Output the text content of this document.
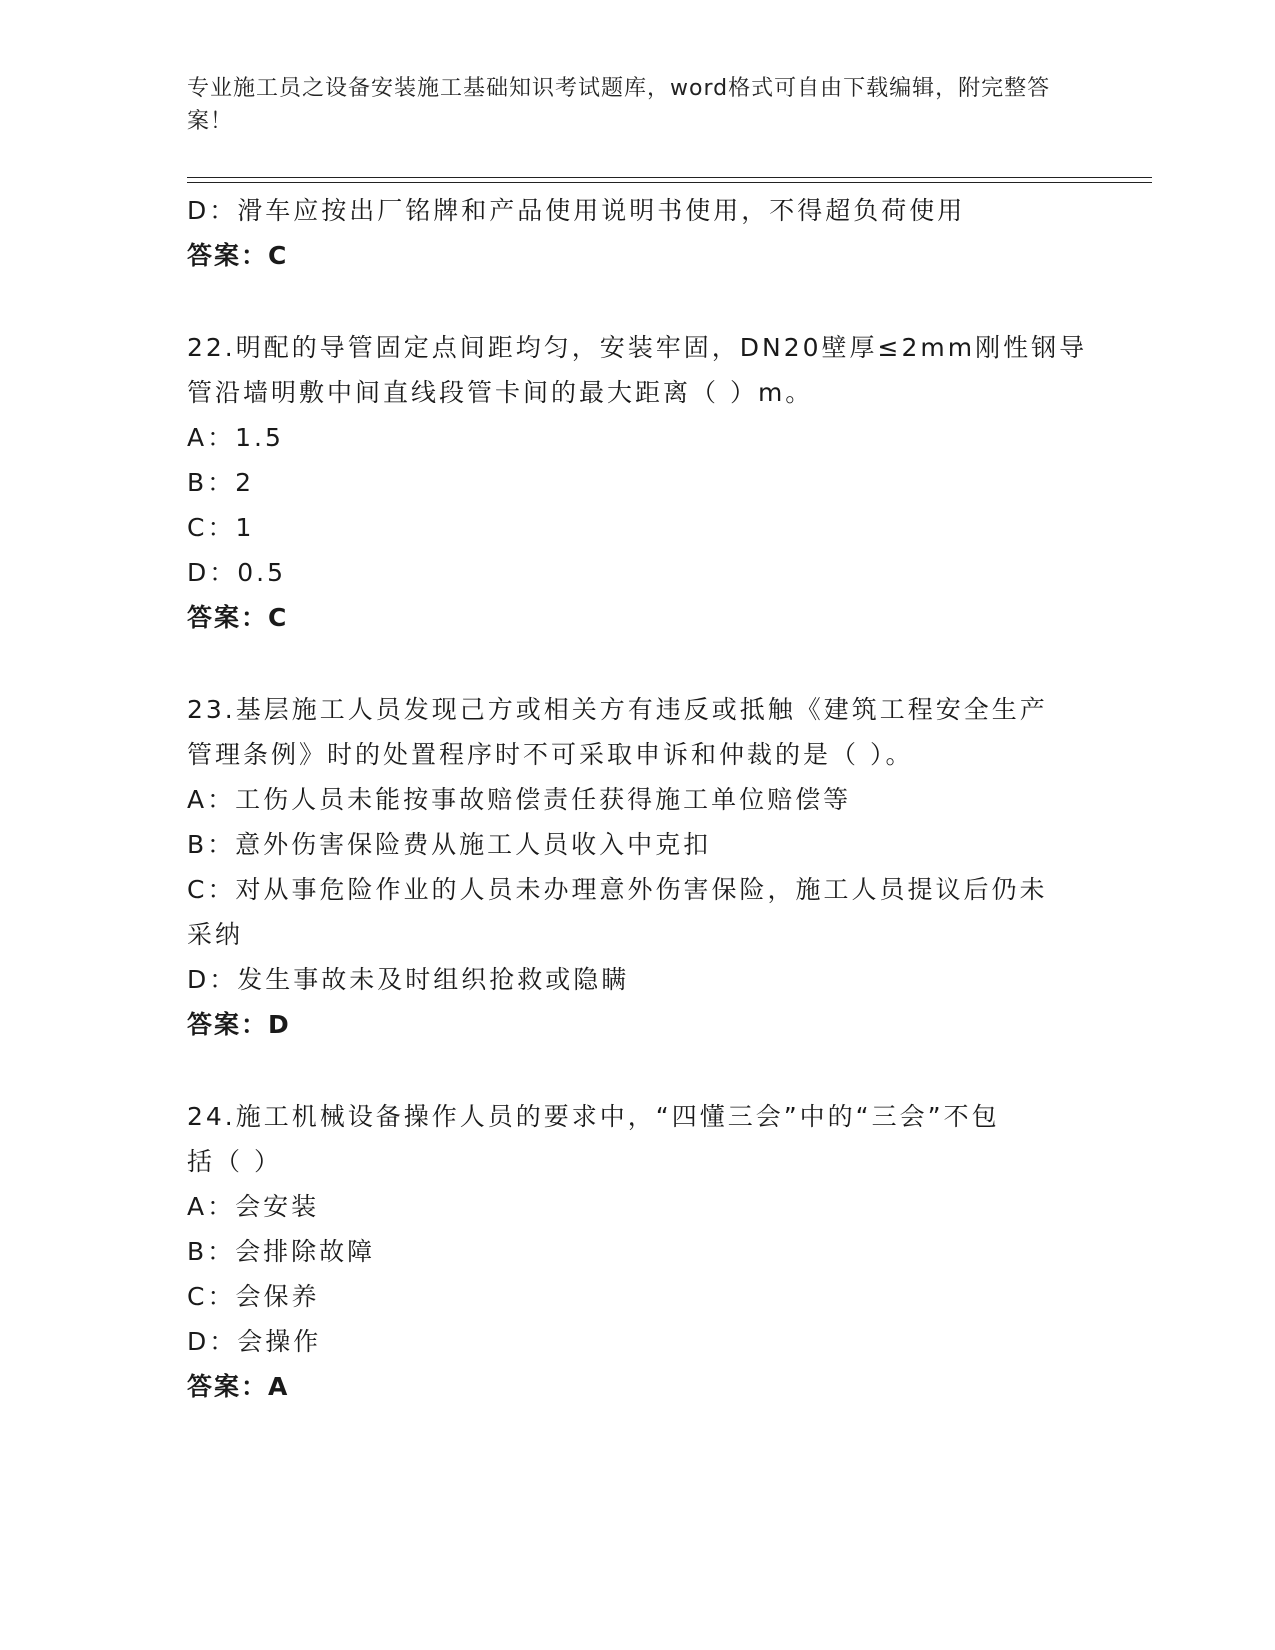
专业施工员之设备安装施工基础知识考试题库，word格式可自由下载编辑，附完整答案！
D：滑车应按出厂铭牌和产品使用说明书使用，不得超负荷使用
答案：C
22.明配的导管固定点间距均匀，安装牢固，DN20壁厚≤2mm刚性钢导
管沿墙明敷中间直线段管卡间的最大距离（ ）m。
A：1.5
B：2
C：1
D：0.5
答案：C
23.基层施工人员发现己方或相关方有违反或抵触《建筑工程安全生产
管理条例》时的处置程序时不可采取申诉和仲裁的是（ ）。
A：工伤人员未能按事故赔偿责任获得施工单位赔偿等
B：意外伤害保险费从施工人员收入中克扣
C：对从事危险作业的人员未办理意外伤害保险，施工人员提议后仍未
采纳
D：发生事故未及时组织抢救或隐瞒
答案：D
24.施工机械设备操作人员的要求中，“四懂三会”中的“三会”不包
括（ ）
A：会安装
B：会排除故障
C：会保养
D：会操作
答案：A
